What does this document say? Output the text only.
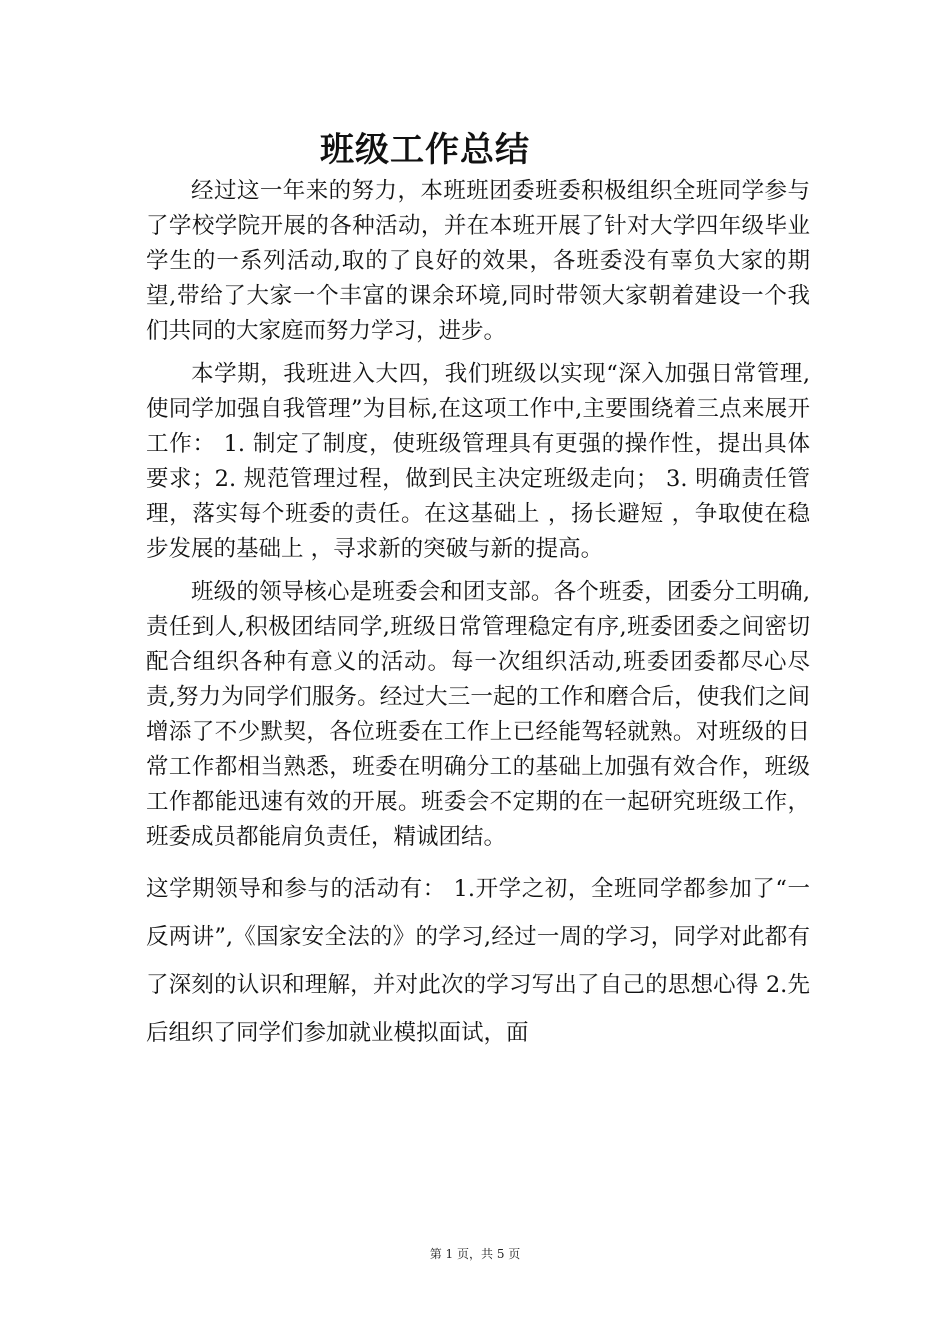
班级工作总结

经过这一年来的努力，本班班团委班委积极组织全班同学参与了学校学院开展的各种活动，并在本班开展了针对大学四年级毕业学生的一系列活动,取的了良好的效果，各班委没有辜负大家的期望,带给了大家一个丰富的课余环境,同时带领大家朝着建设一个我们共同的大家庭而努力学习，进步。

本学期，我班进入大四，我们班级以实现“深入加强日常管理,使同学加强自我管理”为目标,在这项工作中,主要围绕着三点来展开工作： 1. 制定了制度，使班级管理具有更强的操作性，提出具体要求；2. 规范管理过程，做到民主决定班级走向； 3. 明确责任管理，落实每个班委的责任。在这基础上 ，扬长避短 ，争取使在稳步发展的基础上 ，寻求新的突破与新的提高。

班级的领导核心是班委会和团支部。各个班委，团委分工明确,责任到人,积极团结同学,班级日常管理稳定有序,班委团委之间密切配合组织各种有意义的活动。每一次组织活动,班委团委都尽心尽责,努力为同学们服务。经过大三一起的工作和磨合后，使我们之间增添了不少默契，各位班委在工作上已经能驾轻就熟。对班级的日常工作都相当熟悉，班委在明确分工的基础上加强有效合作，班级工作都能迅速有效的开展。班委会不定期的在一起研究班级工作，班委成员都能肩负责任，精诚团结。

这学期领导和参与的活动有： 1.开学之初，全班同学都参加了“一反两讲”,《国家安全法的》的学习,经过一周的学习，同学对此都有了深刻的认识和理解，并对此次的学习写出了自己的思想心得 2.先后组织了同学们参加就业模拟面试，面

第 1 页，共 5 页
